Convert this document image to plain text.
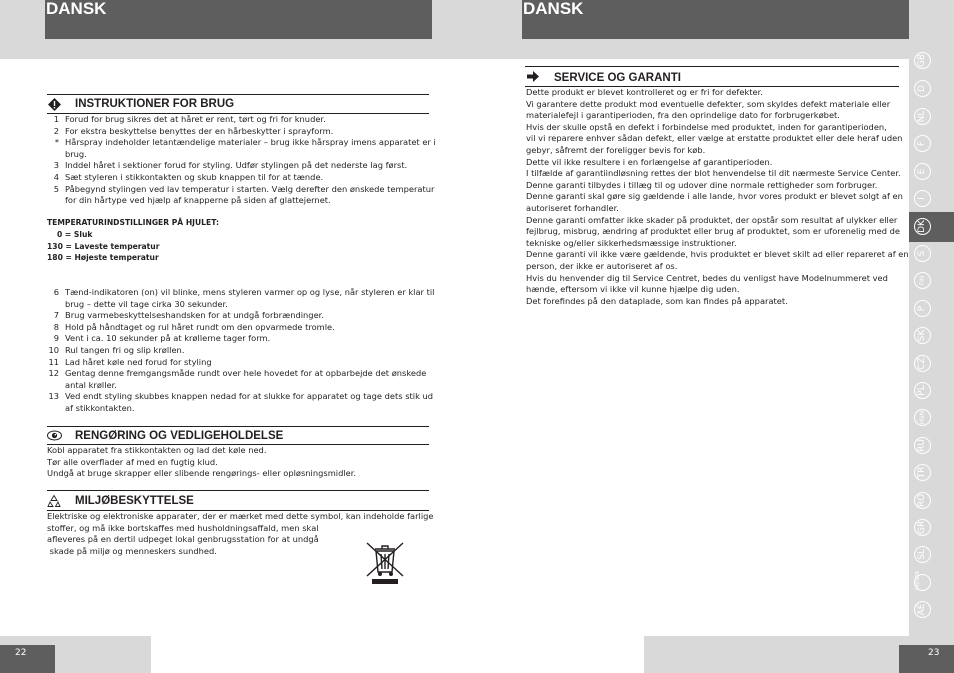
DANSK	DANSK
GB
D
NL
F
E
I
DK
S
FIN
P
SK
CZ
PL
HUN
RU
TR
RO
GR
SL
HR/SRB
AE
22	23
INSTRUKTIONER FOR BRUG
1 Forud for brug sikres det at håret er rent, tørt og fri for knuder.
2 For ekstra beskyttelse benyttes der en hårbeskytter i sprayform.
* Hårspray indeholder letantændelige materialer – brug ikke hårspray imens apparatet er i
brug.
3 Inddel håret i sektioner forud for styling. Udfør stylingen på det nederste lag først.
4 Sæt styleren i stikkontakten og skub knappen til for at tænde.
5 Påbegynd stylingen ved lav temperatur i starten. Vælg derefter den ønskede temperatur
for din hårtype ved hjælp af knapperne på siden af glattejernet.
TEMPERATURINDSTILLINGER PÅ HJULET:
0 = Sluk
130 = Laveste temperatur
180 = Højeste temperatur
6 Tænd-indikatoren (on) vil blinke, mens styleren varmer op og lyse, når styleren er klar til
brug – dette vil tage cirka 30 sekunder.
7 Brug varmebeskyttelseshandsken for at undgå forbrændinger.
8 Hold på håndtaget og rul håret rundt om den opvarmede tromle.
9 Vent i ca. 10 sekunder på at krøllerne tager form.
10 Rul tangen fri og slip krøllen.
11 Lad håret køle ned forud for styling
12 Gentag denne fremgangsmåde rundt over hele hovedet for at opbarbejde det ønskede
antal krøller.
13 Ved endt styling skubbes knappen nedad for at slukke for apparatet og tage dets stik ud
af stikkontakten.
RENGØRING OG VEDLIGEHOLDELSE
Kobl apparatet fra stikkontakten og lad det køle ned.
Tør alle overflader af med en fugtig klud.
Undgå at bruge skrapper eller slibende rengørings- eller opløsningsmidler.
MILJØBESKYTTELSE
Elektriske og elektroniske apparater, der er mærket med dette symbol, kan indeholde farlige
stoffer, og må ikke bortskaffes med husholdningsaffald, men skal
afleveres på en dertil udpeget lokal genbrugsstation for at undgå
skade på miljø og menneskers sundhed.
SERVICE OG GARANTI
Dette produkt er blevet kontrolleret og er fri for defekter.
Vi garantere dette produkt mod eventuelle defekter, som skyldes defekt materiale eller
materialefejl i garantiperioden, fra den oprindelige dato for forbrugerkøbet.
Hvis der skulle opstå en defekt i forbindelse med produktet, inden for garantiperioden,
vil vi reparere enhver sådan defekt, eller vælge at erstatte produktet eller dele heraf uden
gebyr, såfremt der foreligger bevis for køb.
Dette vil ikke resultere i en forlængelse af garantiperioden.
I tilfælde af garantiindløsning rettes der blot henvendelse til dit nærmeste Service Center.
Denne garanti tilbydes i tillæg til og udover dine normale rettigheder som forbruger.
Denne garanti skal gøre sig gældende i alle lande, hvor vores produkt er blevet solgt af en
autoriseret forhandler.
Denne garanti omfatter ikke skader på produktet, der opstår som resultat af ulykker eller
fejlbrug, misbrug, ændring af produktet eller brug af produktet, som er uforenelig med de
tekniske og/eller sikkerhedsmæssige instruktioner.
Denne garanti vil ikke være gældende, hvis produktet er blevet skilt ad eller repareret af en
person, der ikke er autoriseret af os.
Hvis du henvender dig til Service Centret, bedes du venligst have Modelnummeret ved
hænde, eftersom vi ikke vil kunne hjælpe dig uden.
Det forefindes på den dataplade, som kan findes på apparatet.
